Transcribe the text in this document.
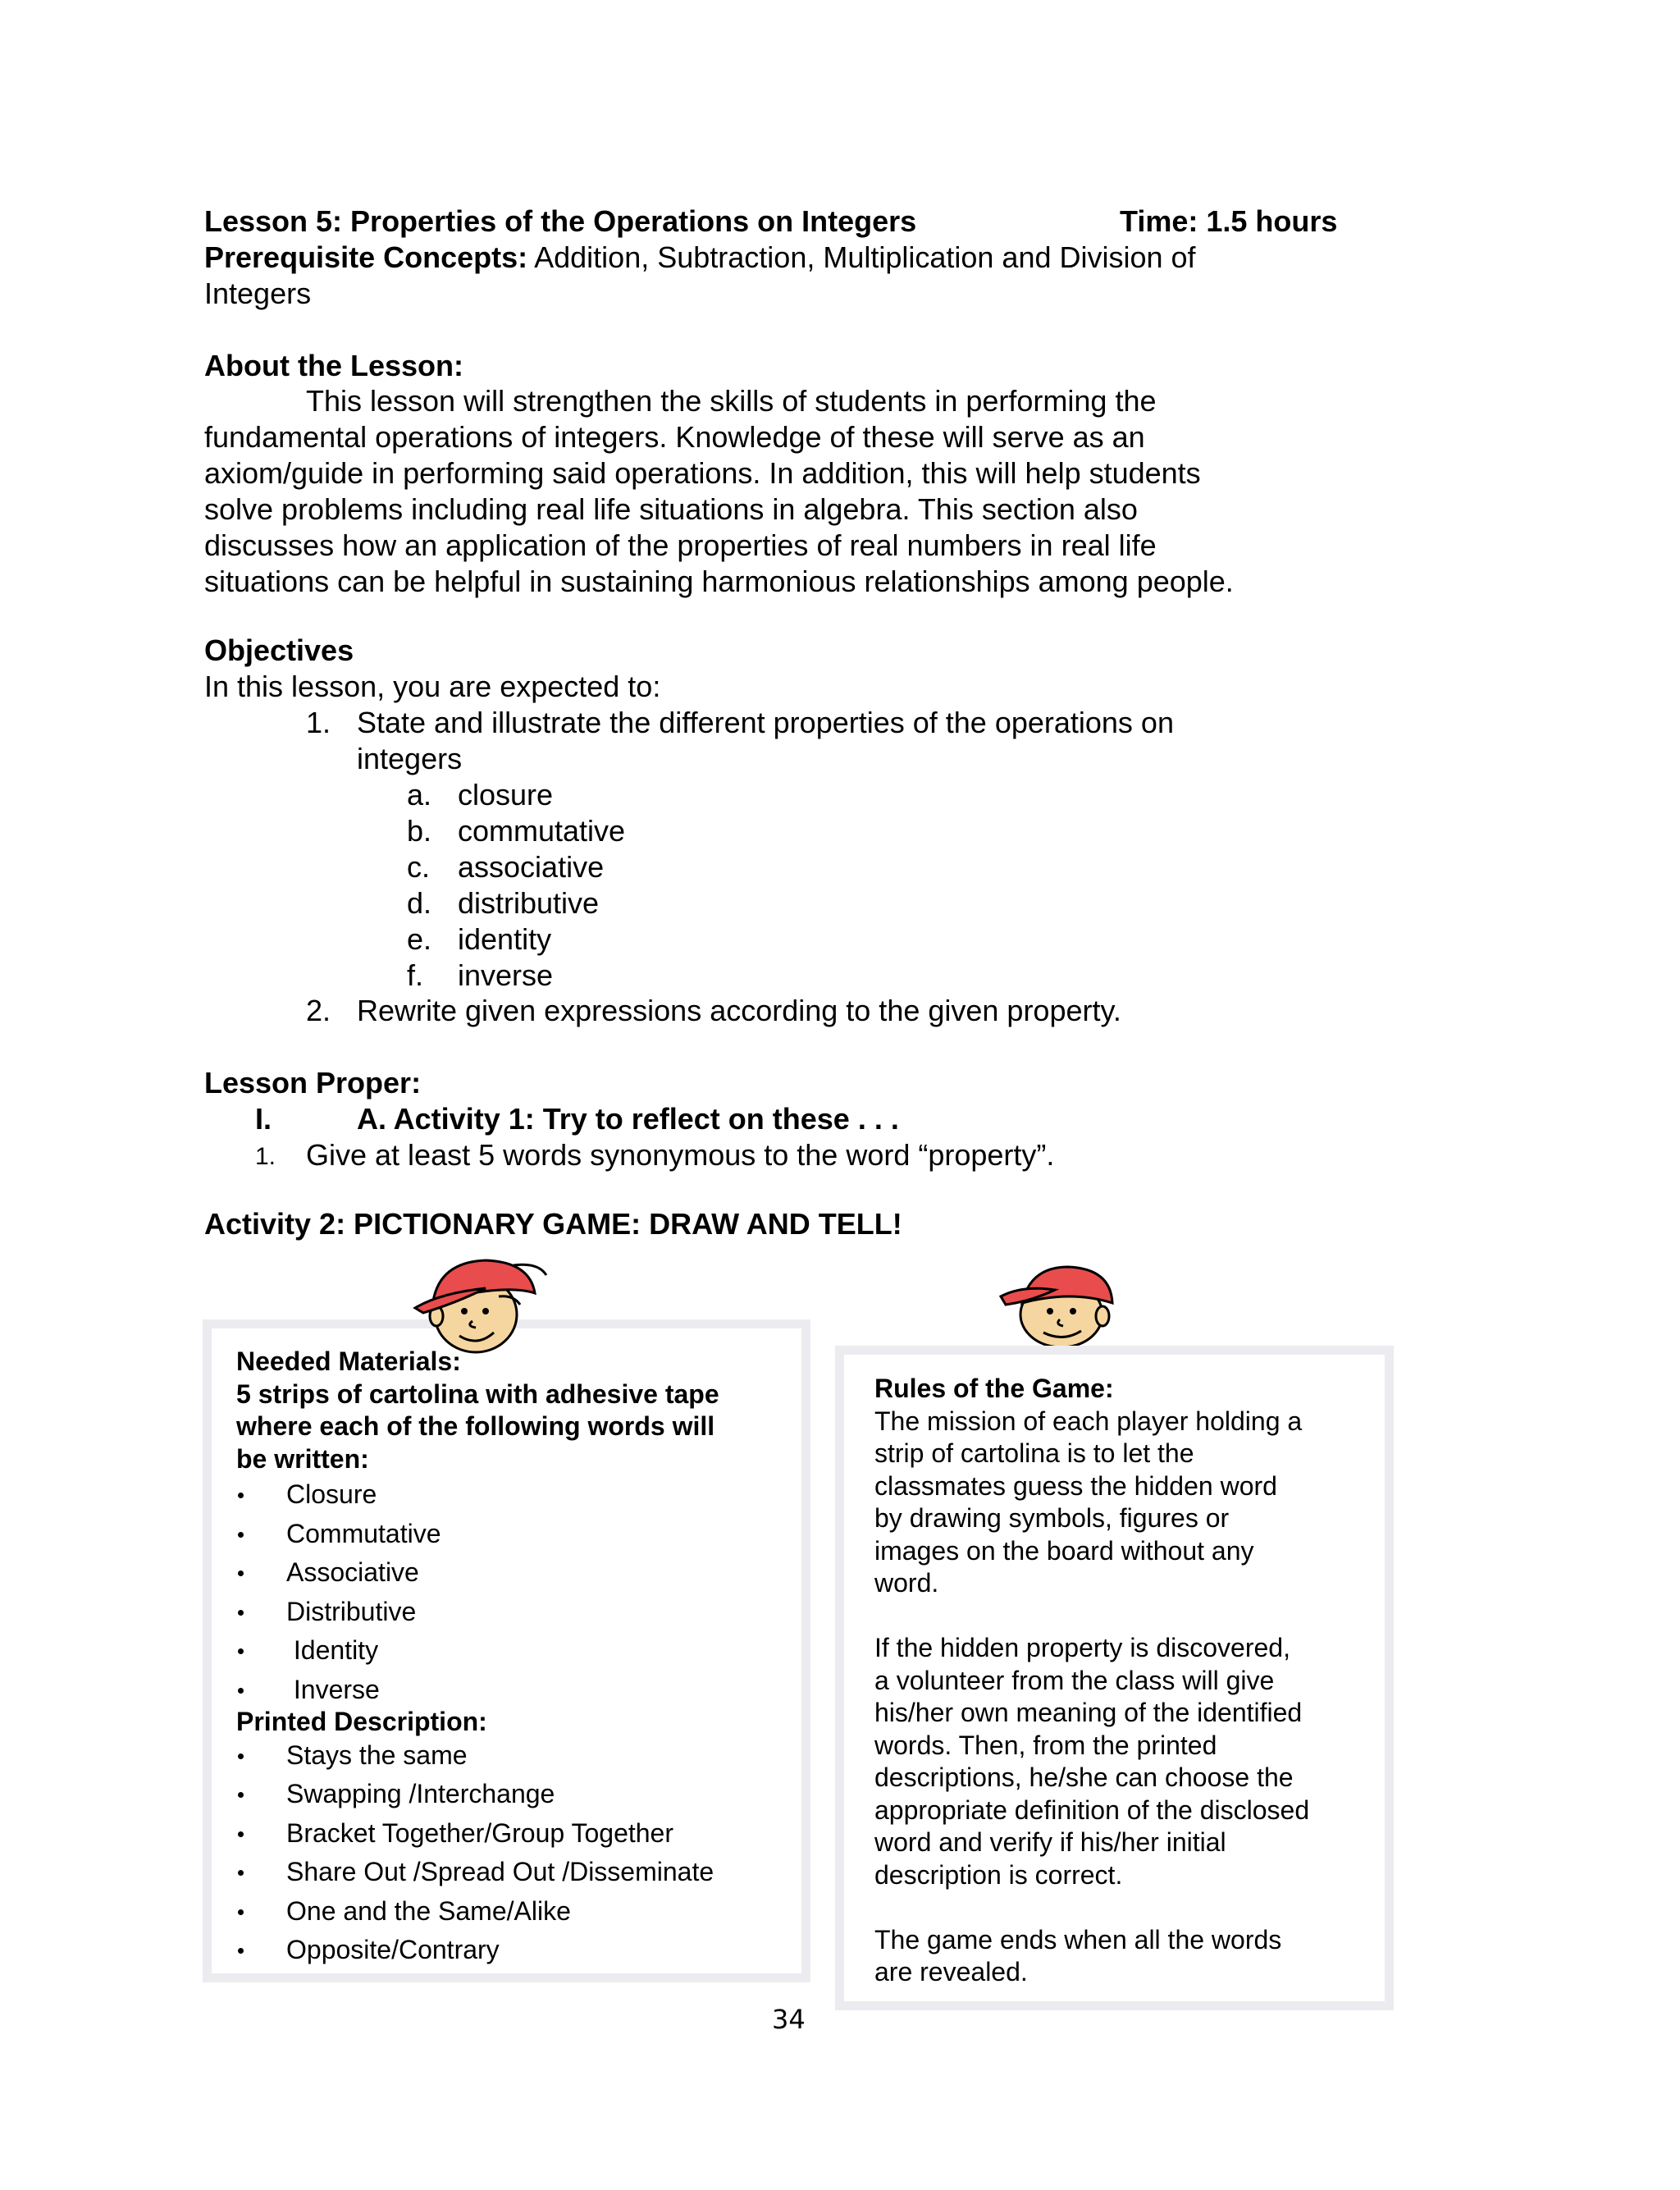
Lesson 5: Properties of the Operations on Integers	Time: 1.5 hours
Prerequisite Concepts: Addition, Subtraction, Multiplication and Division of
Integers
About the Lesson:
This lesson will strengthen the skills of students in performing the
fundamental operations of integers. Knowledge of these will serve as an
axiom/guide in performing said operations. In addition, this will help students
solve problems including real life situations in algebra. This section also
discusses how an application of the properties of real numbers in real life
situations can be helpful in sustaining harmonious relationships among people.
Objectives
In this lesson, you are expected to:
1. State and illustrate the different properties of the operations on
integers
a. closure
b. commutative
c. associative
d. distributive
e. identity
f. inverse
2. Rewrite given expressions according to the given property.
Lesson Proper:
I.	A. Activity 1: Try to reflect on these . . .
1. Give at least 5 words synonymous to the word “property”.
Activity 2: PICTIONARY GAME: DRAW AND TELL!
Needed Materials:
5 strips of cartolina with adhesive tape
where each of the following words will
be written:
Closure
Commutative
Associative
Distributive
Identity
Inverse
Printed Description:
Stays the same
Swapping /Interchange
Bracket Together/Group Together
Share Out /Spread Out /Disseminate
One and the Same/Alike
Opposite/Contrary
Rules of the Game:
The mission of each player holding a
strip of cartolina is to let the
classmates guess the hidden word
by drawing symbols, figures or
images on the board without any
word.
If the hidden property is discovered,
a volunteer from the class will give
his/her own meaning of the identified
words. Then, from the printed
descriptions, he/she can choose the
appropriate definition of the disclosed
word and verify if his/her initial
description is correct.
The game ends when all the words
are revealed.
34
